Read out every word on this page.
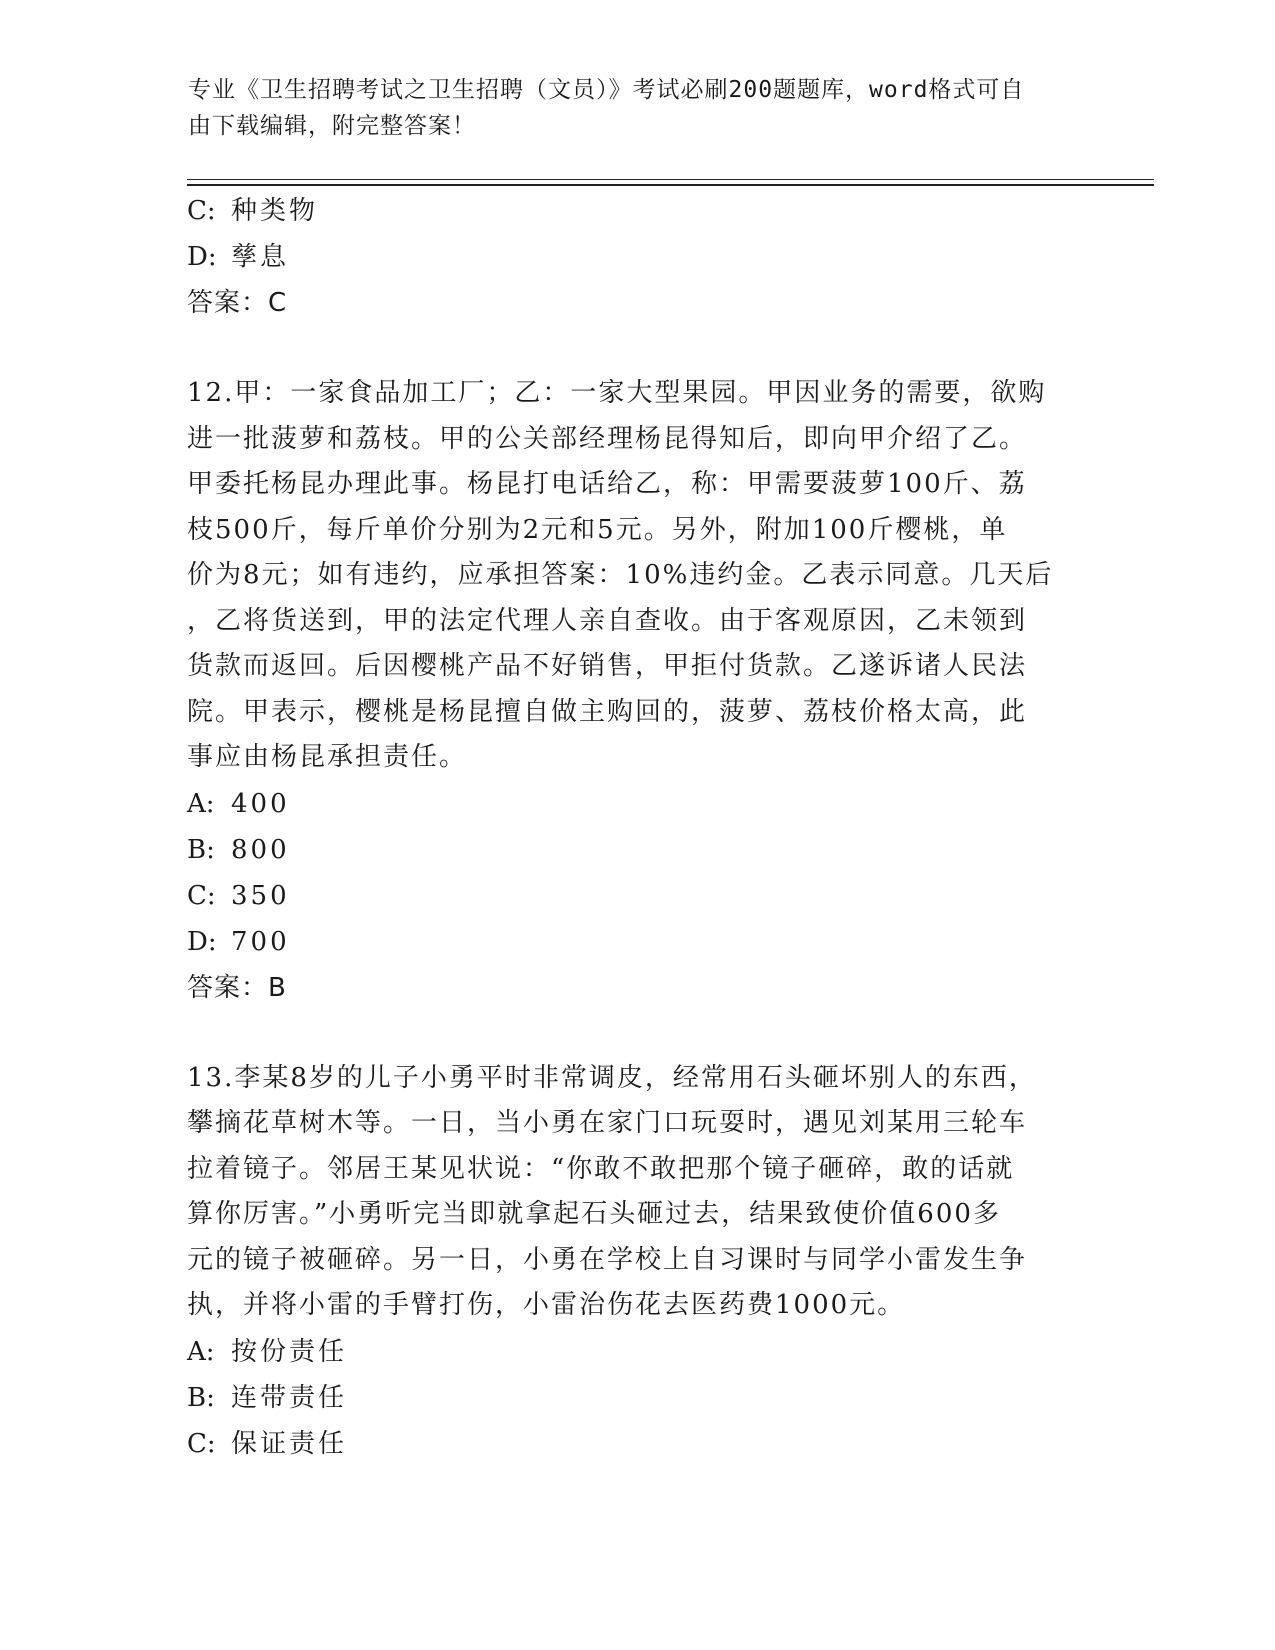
专业《卫生招聘考试之卫生招聘（文员）》考试必刷200题题库，word格式可自
由下载编辑，附完整答案！
C: 种类物
D: 孳息
答案：C
12.甲：一家食品加工厂；乙：一家大型果园。甲因业务的需要，欲购
进一批菠萝和荔枝。甲的公关部经理杨昆得知后，即向甲介绍了乙。
甲委托杨昆办理此事。杨昆打电话给乙，称：甲需要菠萝100斤、荔
枝500斤，每斤单价分别为2元和5元。另外，附加100斤樱桃，单
价为8元；如有违约，应承担答案：10%违约金。乙表示同意。几天后
，乙将货送到，甲的法定代理人亲自查收。由于客观原因，乙未领到
货款而返回。后因樱桃产品不好销售，甲拒付货款。乙遂诉诸人民法
院。甲表示，樱桃是杨昆擅自做主购回的，菠萝、荔枝价格太高，此
事应由杨昆承担责任。
A: 400
B: 800
C: 350
D: 700
答案：B
13.李某8岁的儿子小勇平时非常调皮，经常用石头砸坏别人的东西，
攀摘花草树木等。一日，当小勇在家门口玩耍时，遇见刘某用三轮车
拉着镜子。邻居王某见状说：“你敢不敢把那个镜子砸碎，敢的话就
算你厉害。”小勇听完当即就拿起石头砸过去，结果致使价值600多
元的镜子被砸碎。另一日，小勇在学校上自习课时与同学小雷发生争
执，并将小雷的手臂打伤，小雷治伤花去医药费1000元。
A: 按份责任
B: 连带责任
C: 保证责任
